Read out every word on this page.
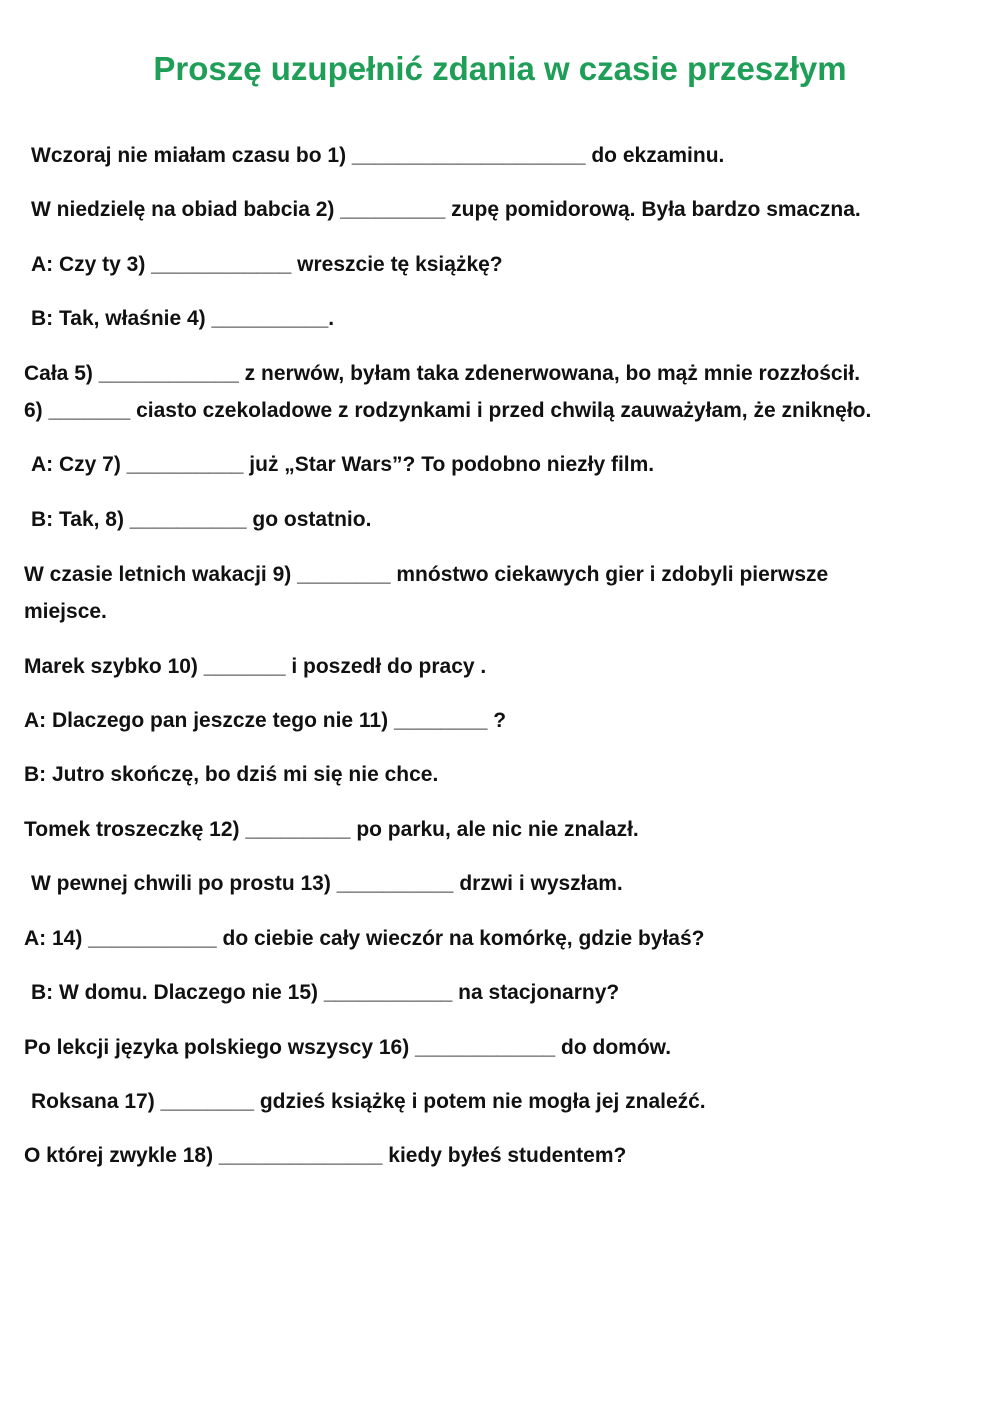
Proszę uzupełnić zdania w czasie przeszłym
Wczoraj nie miałam czasu bo 1) ____________________ do ekzaminu.
W niedzielę na obiad babcia 2) _________ zupę pomidorową. Była bardzo smaczna.
A: Czy ty 3) ____________ wreszcie tę książkę?
B: Tak, właśnie 4) __________.
Cała 5) ____________ z nerwów, byłam taka zdenerwowana, bo mąż mnie rozzłościł.
6) _______ ciasto czekoladowe z rodzynkami i przed chwilą zauważyłam, że zniknęło.
A: Czy 7) __________ już „Star Wars”? To podobno niezły film.
B: Tak, 8) __________ go ostatnio.
W czasie letnich wakacji 9) ________ mnóstwo ciekawych gier i zdobyli pierwsze
miejsce.
Marek szybko 10) _______ i poszedł do pracy .
A: Dlaczego pan jeszcze tego nie 11) ________ ?
B: Jutro skończę, bo dziś mi się nie chce.
Tomek troszeczkę 12) _________ po parku, ale nic nie znalazł.
W pewnej chwili po prostu 13) __________ drzwi i wyszłam.
A: 14) ___________ do ciebie cały wieczór na komórkę, gdzie byłaś?
B: W domu. Dlaczego nie 15) ___________ na stacjonarny?
Po lekcji języka polskiego wszyscy 16) ____________ do domów.
Roksana 17) ________ gdzieś książkę i potem nie mogła jej znaleźć.
O której zwykle 18) ______________ kiedy byłeś studentem?
